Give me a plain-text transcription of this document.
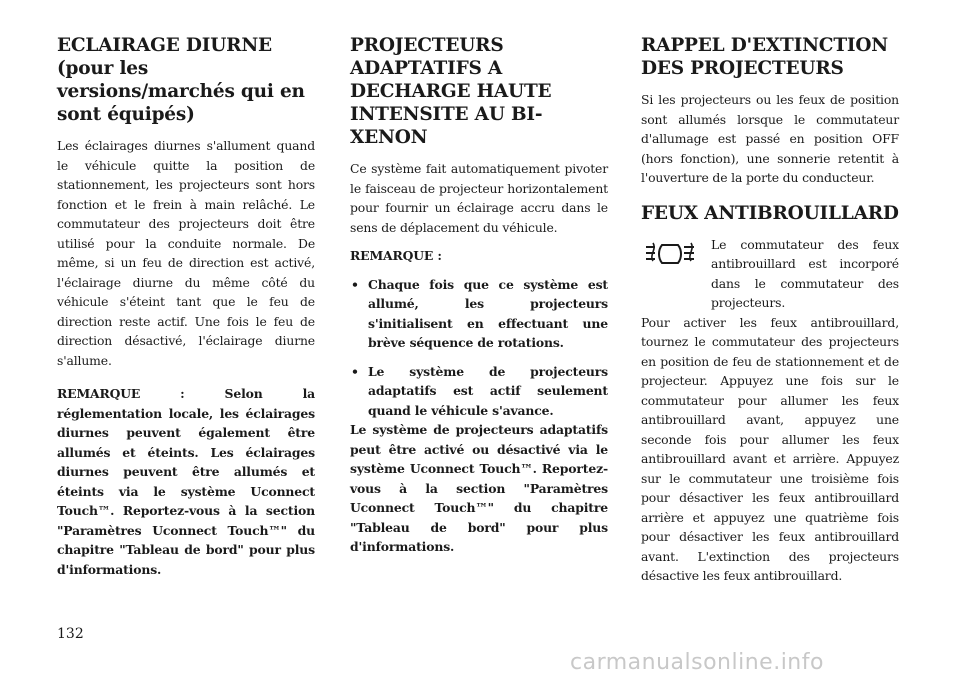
ECLAIRAGE DIURNE (pour les versions/marchés qui en sont équipés)

Les éclairages diurnes s'allument quand le véhicule quitte la position de stationnement, les projecteurs sont hors fonction et le frein à main relâché. Le commutateur des projecteurs doit être utilisé pour la conduite normale. De même, si un feu de direction est activé, l'éclairage diurne du même côté du véhicule s'éteint tant que le feu de direction reste actif. Une fois le feu de direction désactivé, l'éclairage diurne s'allume.

REMARQUE : Selon la réglementation locale, les éclairages diurnes peuvent également être allumés et éteints. Les éclairages diurnes peuvent être allumés et éteints via le système Uconnect Touch™. Reportez-vous à la section "Paramètres Uconnect Touch™" du chapitre "Tableau de bord" pour plus d'informations.

PROJECTEURS ADAPTATIFS A DECHARGE HAUTE INTENSITE AU BI-XENON

Ce système fait automatiquement pivoter le faisceau de projecteur horizontalement pour fournir un éclairage accru dans le sens de déplacement du véhicule.

REMARQUE :

• Chaque fois que ce système est allumé, les projecteurs s'initialisent en effectuant une brève séquence de rotations.
• Le système de projecteurs adaptatifs est actif seulement quand le véhicule s'avance.

Le système de projecteurs adaptatifs peut être activé ou désactivé via le système Uconnect Touch™. Reportez-vous à la section "Paramètres Uconnect Touch™" du chapitre "Tableau de bord" pour plus d'informations.

RAPPEL D'EXTINCTION DES PROJECTEURS

Si les projecteurs ou les feux de position sont allumés lorsque le commutateur d'allumage est passé en position OFF (hors fonction), une sonnerie retentit à l'ouverture de la porte du conducteur.

FEUX ANTIBROUILLARD

Le commutateur des feux antibrouillard est incorporé dans le commutateur des projecteurs.

Pour activer les feux antibrouillard, tournez le commutateur des projecteurs en position de feu de stationnement et de projecteur. Appuyez une fois sur le commutateur pour allumer les feux antibrouillard avant, appuyez une seconde fois pour allumer les feux antibrouillard avant et arrière. Appuyez sur le commutateur une troisième fois pour désactiver les feux antibrouillard arrière et appuyez une quatrième fois pour désactiver les feux antibrouillard avant. L'extinction des projecteurs désactive les feux antibrouillard.

132
carmanualsonline.info
